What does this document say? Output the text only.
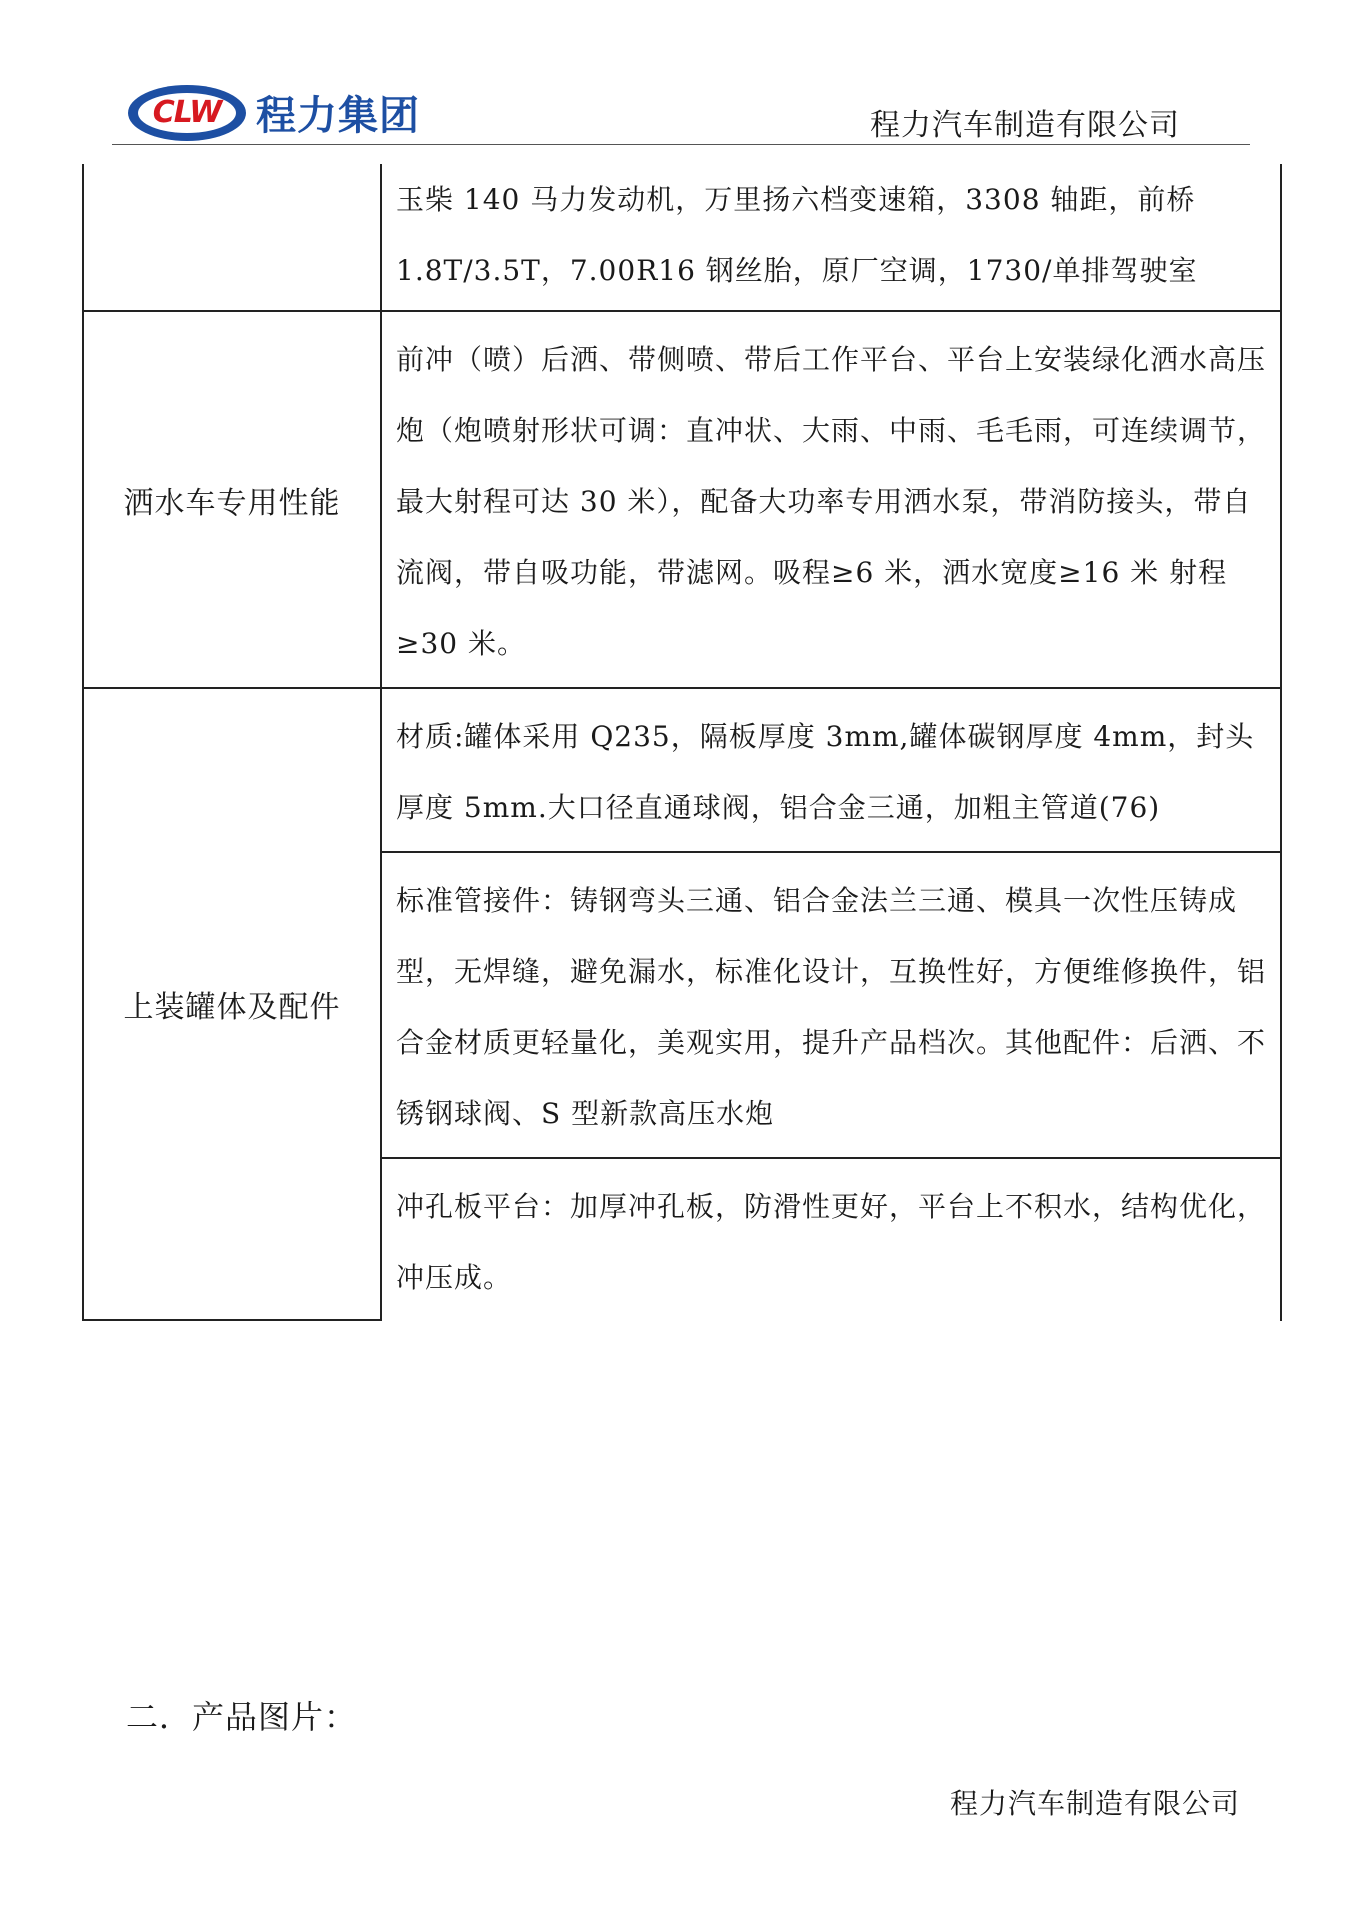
CLW 程力集团	程力汽车制造有限公司
玉柴 140 马力发动机，万里扬六档变速箱，3308 轴距，前桥 1.8T/3.5T，7.00R16 钢丝胎，原厂空调，1730/单排驾驶室
洒水车专用性能
前冲（喷）后洒、带侧喷、带后工作平台、平台上安装绿化洒水高压炮（炮喷射形状可调：直冲状、大雨、中雨、毛毛雨，可连续调节，最大射程可达 30 米），配备大功率专用洒水泵，带消防接头，带自流阀，带自吸功能，带滤网。吸程≥6 米，洒水宽度≥16 米 射程≥30 米。
上装罐体及配件
材质:罐体采用 Q235，隔板厚度 3mm,罐体碳钢厚度 4mm，封头厚度 5mm.大口径直通球阀，铝合金三通，加粗主管道(76)
标准管接件：铸钢弯头三通、铝合金法兰三通、模具一次性压铸成型，无焊缝，避免漏水，标准化设计，互换性好，方便维修换件，铝合金材质更轻量化，美观实用，提升产品档次。其他配件：后洒、不锈钢球阀、S 型新款高压水炮
冲孔板平台：加厚冲孔板，防滑性更好，平台上不积水，结构优化，冲压成。
二．产品图片：
程力汽车制造有限公司
